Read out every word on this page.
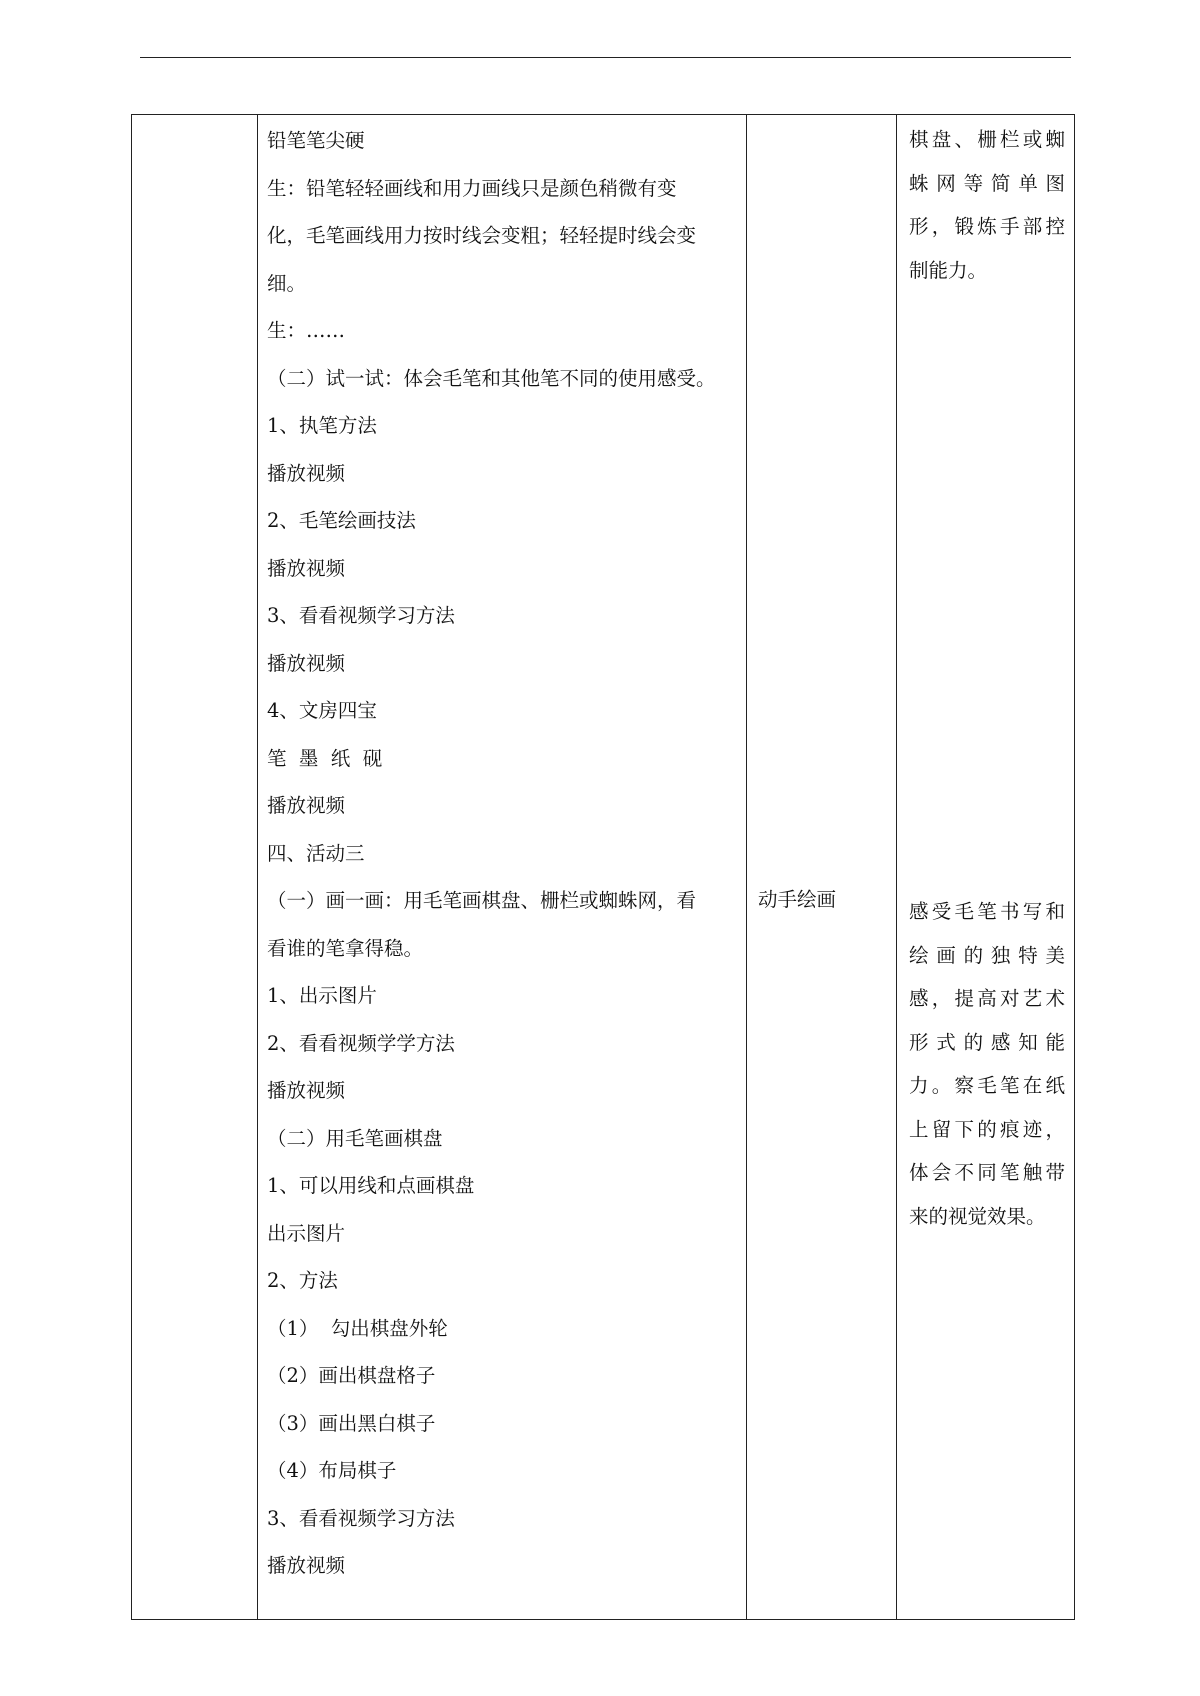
铅笔笔尖硬
生：铅笔轻轻画线和用力画线只是颜色稍微有变
化，毛笔画线用力按时线会变粗；轻轻提时线会变
细。
生：……
（二）试一试：体会毛笔和其他笔不同的使用感受。
1、执笔方法
播放视频
2、毛笔绘画技法
播放视频
3、看看视频学习方法
播放视频
4、文房四宝
笔  墨  纸  砚
播放视频
四、活动三
（一）画一画：用毛笔画棋盘、栅栏或蜘蛛网，看
看谁的笔拿得稳。
1、出示图片
2、看看视频学学方法
播放视频
（二）用毛笔画棋盘
1、可以用线和点画棋盘
出示图片
2、方法
（1）  勾出棋盘外轮
（2）画出棋盘格子
（3）画出黑白棋子
（4）布局棋子
3、看看视频学习方法
播放视频
动手绘画
棋盘、栅栏或蜘
蛛网等简单图
形，锻炼手部控
制能力。
感受毛笔书写和
绘画的独特美
感，提高对艺术
形式的感知能
力。察毛笔在纸
上留下的痕迹，
体会不同笔触带
来的视觉效果。
